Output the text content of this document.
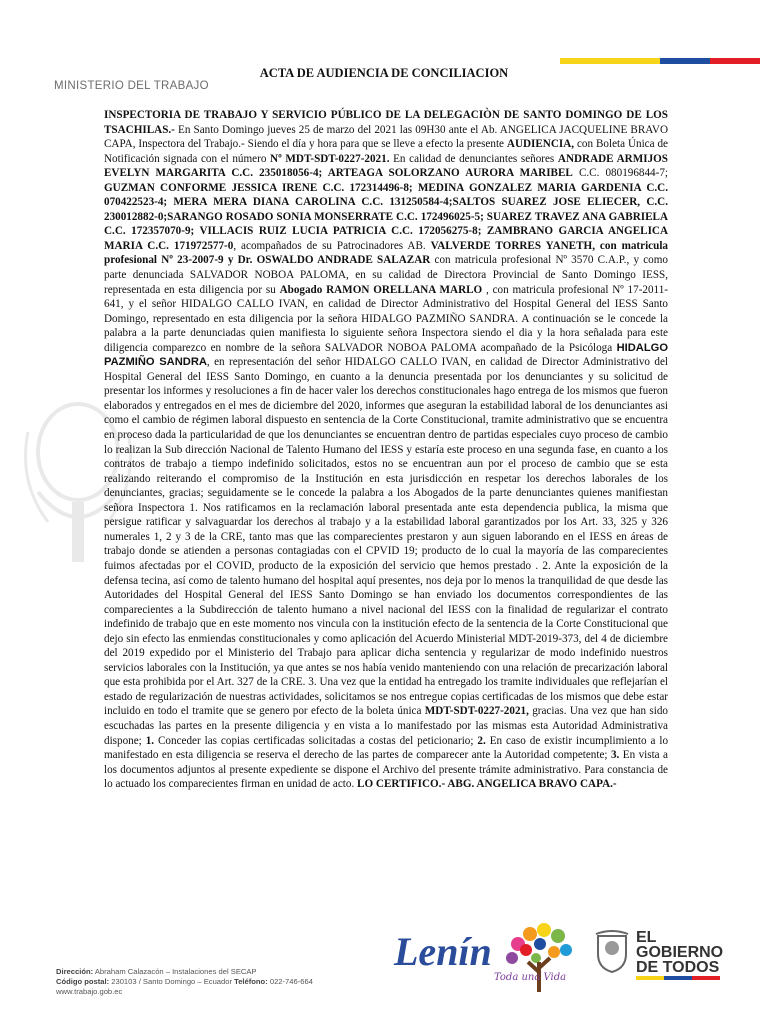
MINISTERIO DEL TRABAJO
ACTA DE AUDIENCIA DE CONCILIACION
INSPECTORIA DE TRABAJO Y SERVICIO PÚBLICO DE LA DELEGACIÒN DE SANTO DOMINGO DE LOS TSACHILAS.- En Santo Domingo jueves 25 de marzo del 2021 las 09H30 ante el Ab. ANGELICA JACQUELINE BRAVO CAPA, Inspectora del Trabajo.- Siendo el día y hora para que se lleve a efecto la presente AUDIENCIA, con Boleta Única de Notificación signada con el número Nº MDT-SDT-0227-2021. En calidad de denunciantes señores ANDRADE ARMIJOS EVELYN MARGARITA C.C. 235018056-4; ARTEAGA SOLORZANO AURORA MARIBEL C.C. 080196844-7; GUZMAN CONFORME JESSICA IRENE C.C. 172314496-8; MEDINA GONZALEZ MARIA GARDENIA C.C. 070422523-4; MERA MERA DIANA CAROLINA C.C. 131250584-4;SALTOS SUAREZ JOSE ELIECER, C.C. 230012882-0;SARANGO ROSADO SONIA MONSERRATE C.C. 172496025-5; SUAREZ TRAVEZ ANA GABRIELA C.C. 172357070-9; VILLACIS RUIZ LUCIA PATRICIA C.C. 172056275-8; ZAMBRANO GARCIA ANGELICA MARIA C.C. 171972577-0, acompañados de su Patrocinadores AB. VALVERDE TORRES YANETH, con matricula profesional Nº 23-2007-9 y Dr. OSWALDO ANDRADE SALAZAR con matricula profesional Nº 3570 C.A.P., y como parte denunciada SALVADOR NOBOA PALOMA, en su calidad de Directora Provincial de Santo Domingo IESS, representada en esta diligencia por su Abogado RAMON ORELLANA MARLO , con matricula profesional Nº 17-2011-641, y el señor HIDALGO CALLO IVAN, en calidad de Director Administrativo del Hospital General del IESS Santo Domingo, representado en esta diligencia por la señora HIDALGO PAZMIÑO SANDRA. A continuación se le concede la palabra a la parte denunciadas quien manifiesta lo siguiente señora Inspectora siendo el dia y la hora señalada para este diligencia comparezco en nombre de la señora SALVADOR NOBOA PALOMA acompañado de la Psicóloga HIDALGO PAZMIÑO SANDRA, en representación del señor HIDALGO CALLO IVAN, en calidad de Director Administrativo del Hospital General del IESS Santo Domingo, en cuanto a la denuncia presentada por los denunciantes y su solicitud de presentar los informes y resoluciones a fin de hacer valer los derechos constitucionales hago entrega de los mismos que fueron elaborados y entregados en el mes de diciembre del 2020, informes que aseguran la estabilidad laboral de los denunciantes asi como el cambio de régimen laboral dispuesto en sentencia de la Corte Constitucional, tramite administrativo que se encuentra en proceso dada la particularidad de que los denunciantes se encuentran dentro de partidas especiales cuyo proceso de cambio lo realizan la Sub dirección Nacional de Talento Humano del IESS y estaría este proceso en una segunda fase, en cuanto a los contratos de trabajo a tiempo indefinido solicitados, estos no se encuentran aun por el proceso de cambio que se esta realizando reiterando el compromiso de la Institución en esta jurisdicción en respetar los derechos laborales de los denunciantes, gracias; seguidamente se le concede la palabra a los Abogados de la parte denunciantes quienes manifiestan señora Inspectora 1. Nos ratificamos en la reclamación laboral presentada ante esta dependencia publica, la misma que persigue ratificar y salvaguardar los derechos al trabajo y a la estabilidad laboral garantizados por los Art. 33, 325 y 326 numerales 1, 2 y 3 de la CRE, tanto mas que las comparecientes prestaron y aun siguen laborando en el IESS en áreas de trabajo donde se atienden a personas contagiadas con el CPVID 19; producto de lo cual la mayoría de las comparecientes fuimos afectadas por el COVID, producto de la exposición del servicio que hemos prestado . 2. Ante la exposición de la defensa tecina, así como de talento humano del hospital aquí presentes, nos deja por lo menos la tranquilidad de que desde las Autoridades del Hospital General del IESS Santo Domingo se han enviado los documentos correspondientes de las comparecientes a la Subdirección de talento humano a nivel nacional del IESS con la finalidad de regularizar el contrato indefinido de trabajo que en este momento nos vincula con la institución efecto de la sentencia de la Corte Constitucional que dejo sin efecto las enmiendas constitucionales y como aplicación del Acuerdo Ministerial MDT-2019-373, del 4 de diciembre del 2019 expedido por el Ministerio del Trabajo para aplicar dicha sentencia y regularizar de modo indefinido nuestros servicios laborales con la Institución, ya que antes se nos había venido manteniendo con una relación de precarización laboral que esta prohibida por el Art. 327 de la CRE. 3. Una vez que la entidad ha entregado los tramite individuales que reflejarían el estado de regularización de nuestras actividades, solicitamos se nos entregue copias certificadas de los mismos que debe estar incluido en todo el tramite que se genero por efecto de la boleta única MDT-SDT-0227-2021, gracias. Una vez que han sido escuchadas las partes en la presente diligencia y en vista a lo manifestado por las mismas esta Autoridad Administrativa dispone; 1. Conceder las copias certificadas solicitadas a costas del peticionario; 2. En caso de existir incumplimiento a lo manifestado en esta diligencia se reserva el derecho de las partes de comparecer ante la Autoridad competente; 3. En vista a los documentos adjuntos al presente expediente se dispone el Archivo del presente trámite administrativo. Para constancia de lo actuado los comparecientes firman en unidad de acto. LO CERTIFICO.- ABG. ANGELICA BRAVO CAPA.-
Dirección: Abraham Calazacón – Instalaciones del SECAP
Código postal: 230103 / Santo Domingo – Ecuador Teléfono: 022-746-664
www.trabajo.gob.ec
Lenín
Toda una Vida
EL
GOBIERNO
DE TODOS
